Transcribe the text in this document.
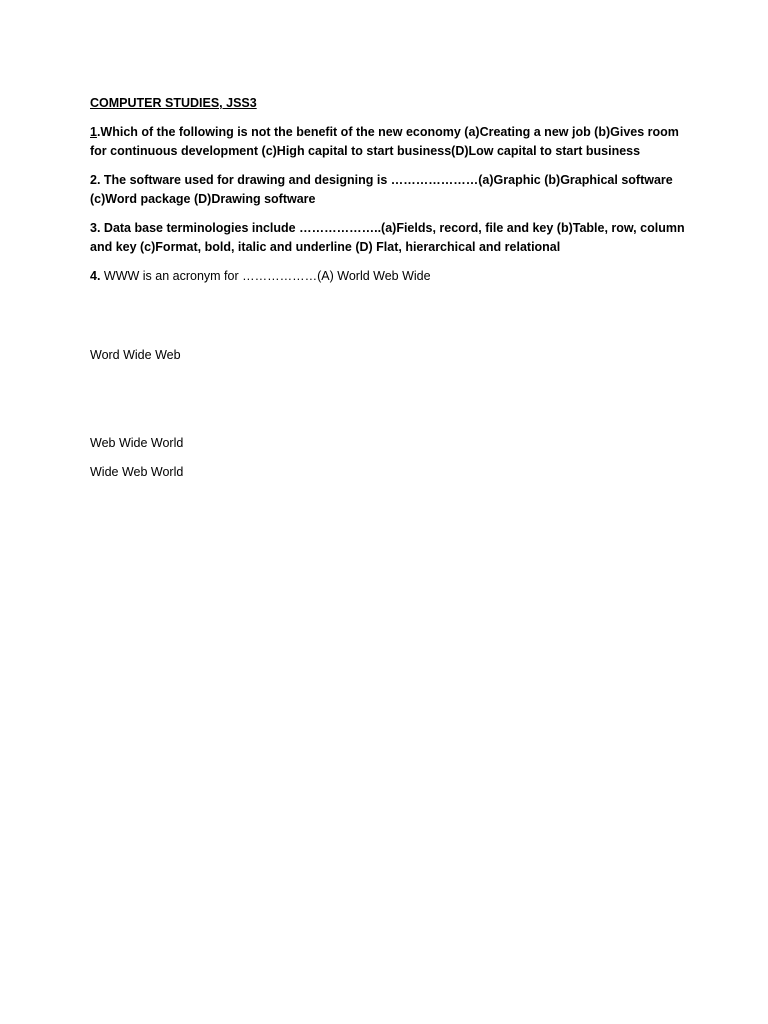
COMPUTER STUDIES, JSS3

1.Which of the following is not the benefit of the new economy (a)Creating a new job (b)Gives room for continuous development (c)High capital to start business(D)Low capital to start business

2. The software used for drawing and designing is …………………(a)Graphic (b)Graphical software (c)Word package (D)Drawing software

3. Data base terminologies include ………………..(a)Fields, record, file and key (b)Table, row, column and key (c)Format, bold, italic and underline (D) Flat, hierarchical and relational

4. WWW is an acronym for ………………(A) World Web Wide

Word Wide Web

Web Wide World

Wide Web World
